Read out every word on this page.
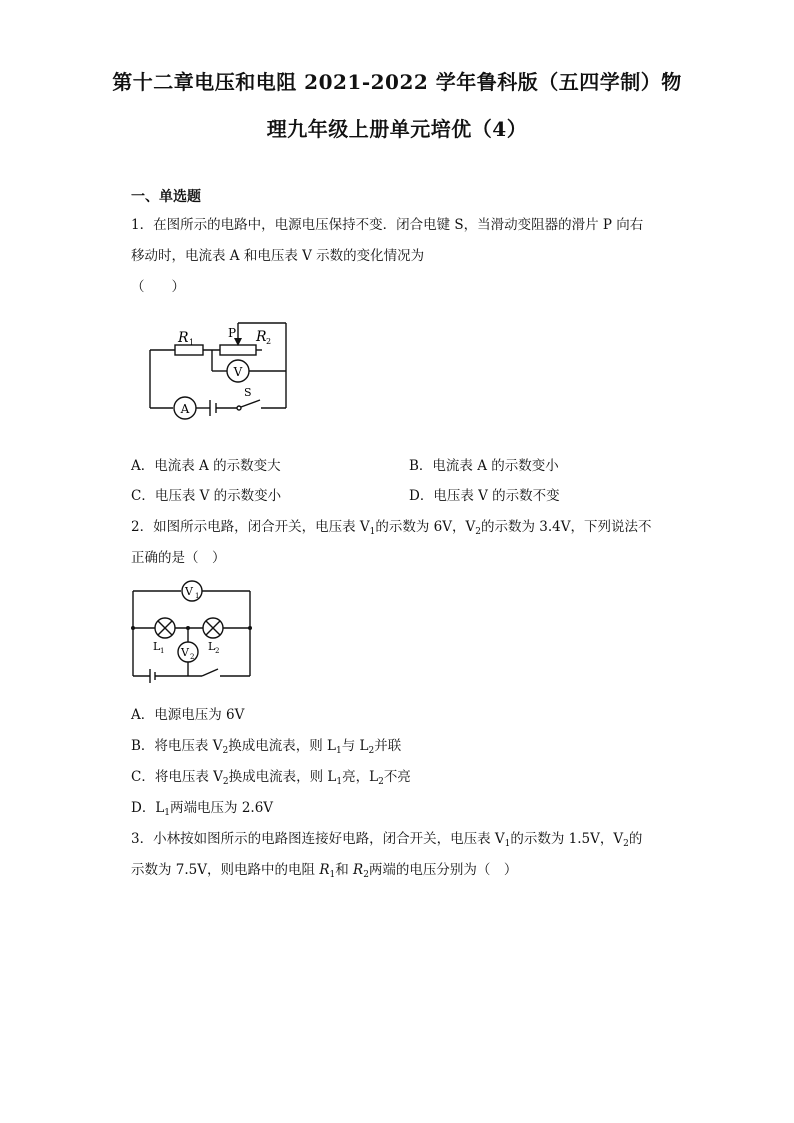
第十二章电压和电阻 2021-2022 学年鲁科版（五四学制）物
理九年级上册单元培优（4）
一、单选题
1．在图所示的电路中，电源电压保持不变．闭合电键 S，当滑动变阻器的滑片 P 向右
移动时，电流表 A 和电压表 V 示数的变化情况为
（　　）
R 1	R 2
P
V
A
S
A．电流表 A 的示数变大	B．电流表 A 的示数变小
C．电压表 V 的示数变小	D．电压表 V 的示数不变
2．如图所示电路，闭合开关，电压表 $V_1$的示数为 6V，$V_2$的示数为 3.4V，下列说法不
正确的是（　）
V 1
V 2
L 1	L 2
A．电源电压为 6V
B．将电压表 $V_2$换成电流表，则 $L_1$与 $L_2$并联
C．将电压表 $V_2$换成电流表，则 $L_1$亮，$L_2$不亮
D．$L_1$两端电压为 2.6V
3．小林按如图所示的电路图连接好电路，闭合开关，电压表 $V_1$的示数为 1.5V，$V_2$的
示数为 7.5V，则电路中的电阻 $R_1$和 $R_2$两端的电压分别为（　）
